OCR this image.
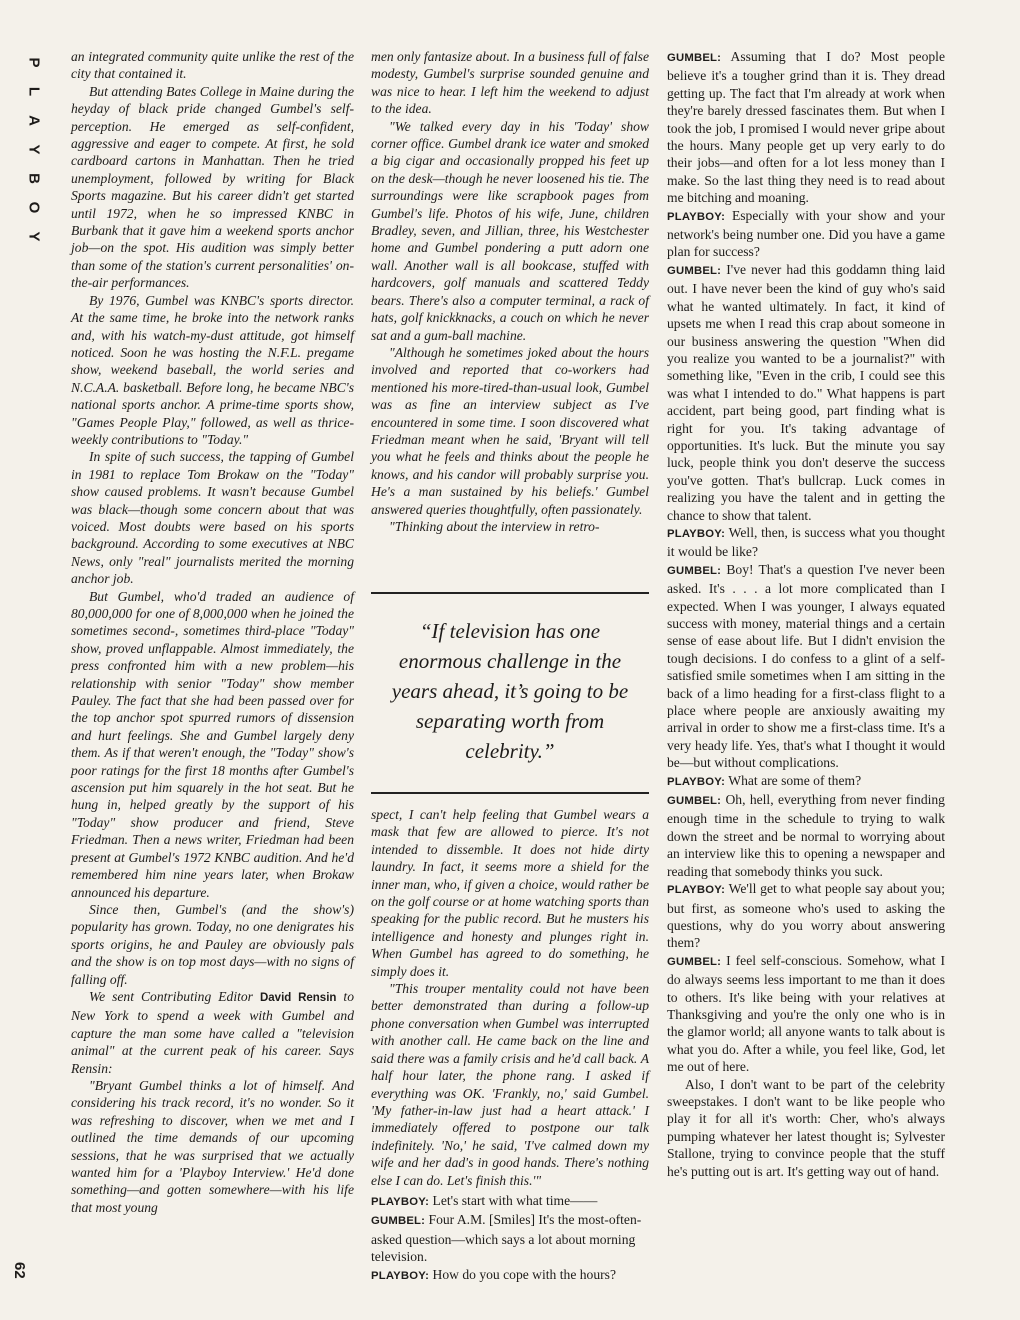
P
L
A
Y
B
O
Y
62

an integrated community quite unlike the rest of the city that contained it.

But attending Bates College in Maine during the heyday of black pride changed Gumbel's self-perception. He emerged as self-confident, aggressive and eager to compete. At first, he sold cardboard cartons in Manhattan. Then he tried unemployment, followed by writing for Black Sports magazine. But his career didn't get started until 1972, when he so impressed KNBC in Burbank that it gave him a weekend sports anchor job—on the spot. His audition was simply better than some of the station's current personalities' on-the-air performances.

By 1976, Gumbel was KNBC's sports director. At the same time, he broke into the network ranks and, with his watch-my-dust attitude, got himself noticed. Soon he was hosting the N.F.L. pregame show, weekend baseball, the world series and N.C.A.A. basketball. Before long, he became NBC's national sports anchor. A prime-time sports show, "Games People Play," followed, as well as thrice-weekly contributions to "Today."

In spite of such success, the tapping of Gumbel in 1981 to replace Tom Brokaw on the "Today" show caused problems. It wasn't because Gumbel was black—though some concern about that was voiced. Most doubts were based on his sports background. According to some executives at NBC News, only "real" journalists merited the morning anchor job.

But Gumbel, who'd traded an audience of 80,000,000 for one of 8,000,000 when he joined the sometimes second-, sometimes third-place "Today" show, proved unflappable. Almost immediately, the press confronted him with a new problem—his relationship with senior "Today" show member Pauley. The fact that she had been passed over for the top anchor spot spurred rumors of dissension and hurt feelings. She and Gumbel largely deny them. As if that weren't enough, the "Today" show's poor ratings for the first 18 months after Gumbel's ascension put him squarely in the hot seat. But he hung in, helped greatly by the support of his "Today" show producer and friend, Steve Friedman. Then a news writer, Friedman had been present at Gumbel's 1972 KNBC audition. And he'd remembered him nine years later, when Brokaw announced his departure.

Since then, Gumbel's (and the show's) popularity has grown. Today, no one denigrates his sports origins, he and Pauley are obviously pals and the show is on top most days—with no signs of falling off.

We sent Contributing Editor David Rensin to New York to spend a week with Gumbel and capture the man some have called a "television animal" at the current peak of his career. Says Rensin:

"Bryant Gumbel thinks a lot of himself. And considering his track record, it's no wonder. So it was refreshing to discover, when we met and I outlined the time demands of our upcoming sessions, that he was surprised that we actually wanted him for a 'Playboy Interview.' He'd done something—and gotten somewhere—with his life that most young

men only fantasize about. In a business full of false modesty, Gumbel's surprise sounded genuine and was nice to hear. I left him the weekend to adjust to the idea.

"We talked every day in his 'Today' show corner office. Gumbel drank ice water and smoked a big cigar and occasionally propped his feet up on the desk—though he never loosened his tie. The surroundings were like scrapbook pages from Gumbel's life. Photos of his wife, June, children Bradley, seven, and Jillian, three, his Westchester home and Gumbel pondering a putt adorn one wall. Another wall is all bookcase, stuffed with hardcovers, golf manuals and scattered Teddy bears. There's also a computer terminal, a rack of hats, golf knickknacks, a couch on which he never sat and a gum-ball machine.

"Although he sometimes joked about the hours involved and reported that co-workers had mentioned his more-tired-than-usual look, Gumbel was as fine an interview subject as I've encountered in some time. I soon discovered what Friedman meant when he said, 'Bryant will tell you what he feels and thinks about the people he knows, and his candor will probably surprise you. He's a man sustained by his beliefs.' Gumbel answered queries thoughtfully, often passionately.

"Thinking about the interview in retro-

“If television has one enormous challenge in the years ahead, it’s going to be separating worth from celebrity.”

spect, I can't help feeling that Gumbel wears a mask that few are allowed to pierce. It's not intended to dissemble. It does not hide dirty laundry. In fact, it seems more a shield for the inner man, who, if given a choice, would rather be on the golf course or at home watching sports than speaking for the public record. But he musters his intelligence and honesty and plunges right in. When Gumbel has agreed to do something, he simply does it.

"This trouper mentality could not have been better demonstrated than during a follow-up phone conversation when Gumbel was interrupted with another call. He came back on the line and said there was a family crisis and he'd call back. A half hour later, the phone rang. I asked if everything was OK. 'Frankly, no,' said Gumbel. 'My father-in-law just had a heart attack.' I immediately offered to postpone our talk indefinitely. 'No,' he said, 'I've calmed down my wife and her dad's in good hands. There's nothing else I can do. Let's finish this.'"

PLAYBOY: Let's start with what time——

GUMBEL: Four A.M. [Smiles] It's the most-often-asked question—which says a lot about morning television.

PLAYBOY: How do you cope with the hours?

GUMBEL: Assuming that I do? Most people believe it's a tougher grind than it is. They dread getting up. The fact that I'm already at work when they're barely dressed fascinates them. But when I took the job, I promised I would never gripe about the hours. Many people get up very early to do their jobs—and often for a lot less money than I make. So the last thing they need is to read about me bitching and moaning.

PLAYBOY: Especially with your show and your network's being number one. Did you have a game plan for success?

GUMBEL: I've never had this goddamn thing laid out. I have never been the kind of guy who's said what he wanted ultimately. In fact, it kind of upsets me when I read this crap about someone in our business answering the question "When did you realize you wanted to be a journalist?" with something like, "Even in the crib, I could see this was what I intended to do." What happens is part accident, part being good, part finding what is right for you. It's taking advantage of opportunities. It's luck. But the minute you say luck, people think you don't deserve the success you've gotten. That's bullcrap. Luck comes in realizing you have the talent and in getting the chance to show that talent.

PLAYBOY: Well, then, is success what you thought it would be like?

GUMBEL: Boy! That's a question I've never been asked. It's . . . a lot more complicated than I expected. When I was younger, I always equated success with money, material things and a certain sense of ease about life. But I didn't envision the tough decisions. I do confess to a glint of a self-satisfied smile sometimes when I am sitting in the back of a limo heading for a first-class flight to a place where people are anxiously awaiting my arrival in order to show me a first-class time. It's a very heady life. Yes, that's what I thought it would be—but without complications.

PLAYBOY: What are some of them?

GUMBEL: Oh, hell, everything from never finding enough time in the schedule to trying to walk down the street and be normal to worrying about an interview like this to opening a newspaper and reading that somebody thinks you suck.

PLAYBOY: We'll get to what people say about you; but first, as someone who's used to asking the questions, why do you worry about answering them?

GUMBEL: I feel self-conscious. Somehow, what I do always seems less important to me than it does to others. It's like being with your relatives at Thanksgiving and you're the only one who is in the glamor world; all anyone wants to talk about is what you do. After a while, you feel like, God, let me out of here.

Also, I don't want to be part of the celebrity sweepstakes. I don't want to be like people who play it for all it's worth: Cher, who's always pumping whatever her latest thought is; Sylvester Stallone, trying to convince people that the stuff he's putting out is art. It's getting way out of hand.
